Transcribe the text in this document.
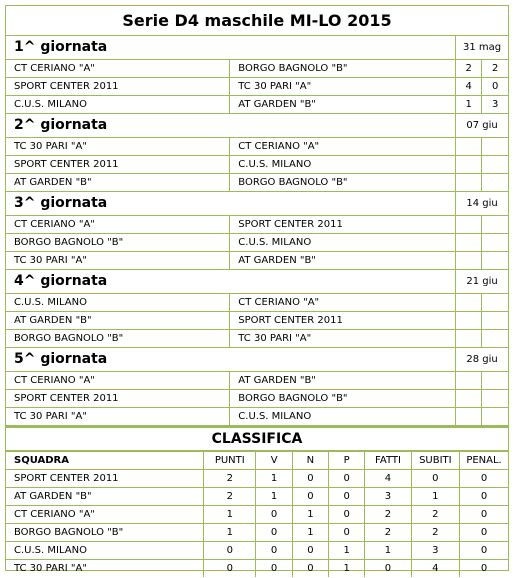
Serie D4 maschile MI-LO 2015
1^ giornata		31 mag	
CT CERIANO "A"	BORGO BAGNOLO "B"	2	2
SPORT CENTER 2011	TC 30 PARI "A"	4	0
C.U.S. MILANO	AT GARDEN "B"	1	3
2^ giornata		07 giu	
TC 30 PARI "A"	CT CERIANO "A"		
SPORT CENTER 2011	C.U.S. MILANO		
AT GARDEN "B"	BORGO BAGNOLO "B"		
3^ giornata		14 giu	
CT CERIANO "A"	SPORT CENTER 2011		
BORGO BAGNOLO "B"	C.U.S. MILANO		
TC 30 PARI "A"	AT GARDEN "B"		
4^ giornata		21 giu	
C.U.S. MILANO	CT CERIANO "A"		
AT GARDEN "B"	SPORT CENTER 2011		
BORGO BAGNOLO "B"	TC 30 PARI "A"		
5^ giornata		28 giu	
CT CERIANO "A"	AT GARDEN "B"		
SPORT CENTER 2011	BORGO BAGNOLO "B"		
TC 30 PARI "A"	C.U.S. MILANO		
CLASSIFICA
SQUADRA	PUNTI	V	N	P	FATTI	SUBITI	PENAL.
SPORT CENTER 2011	2	1	0	0	4	0	0
AT GARDEN "B"	2	1	0	0	3	1	0
CT CERIANO "A"	1	0	1	0	2	2	0
BORGO BAGNOLO "B"	1	0	1	0	2	2	0
C.U.S. MILANO	0	0	0	1	1	3	0
TC 30 PARI "A"	0	0	0	1	0	4	0
